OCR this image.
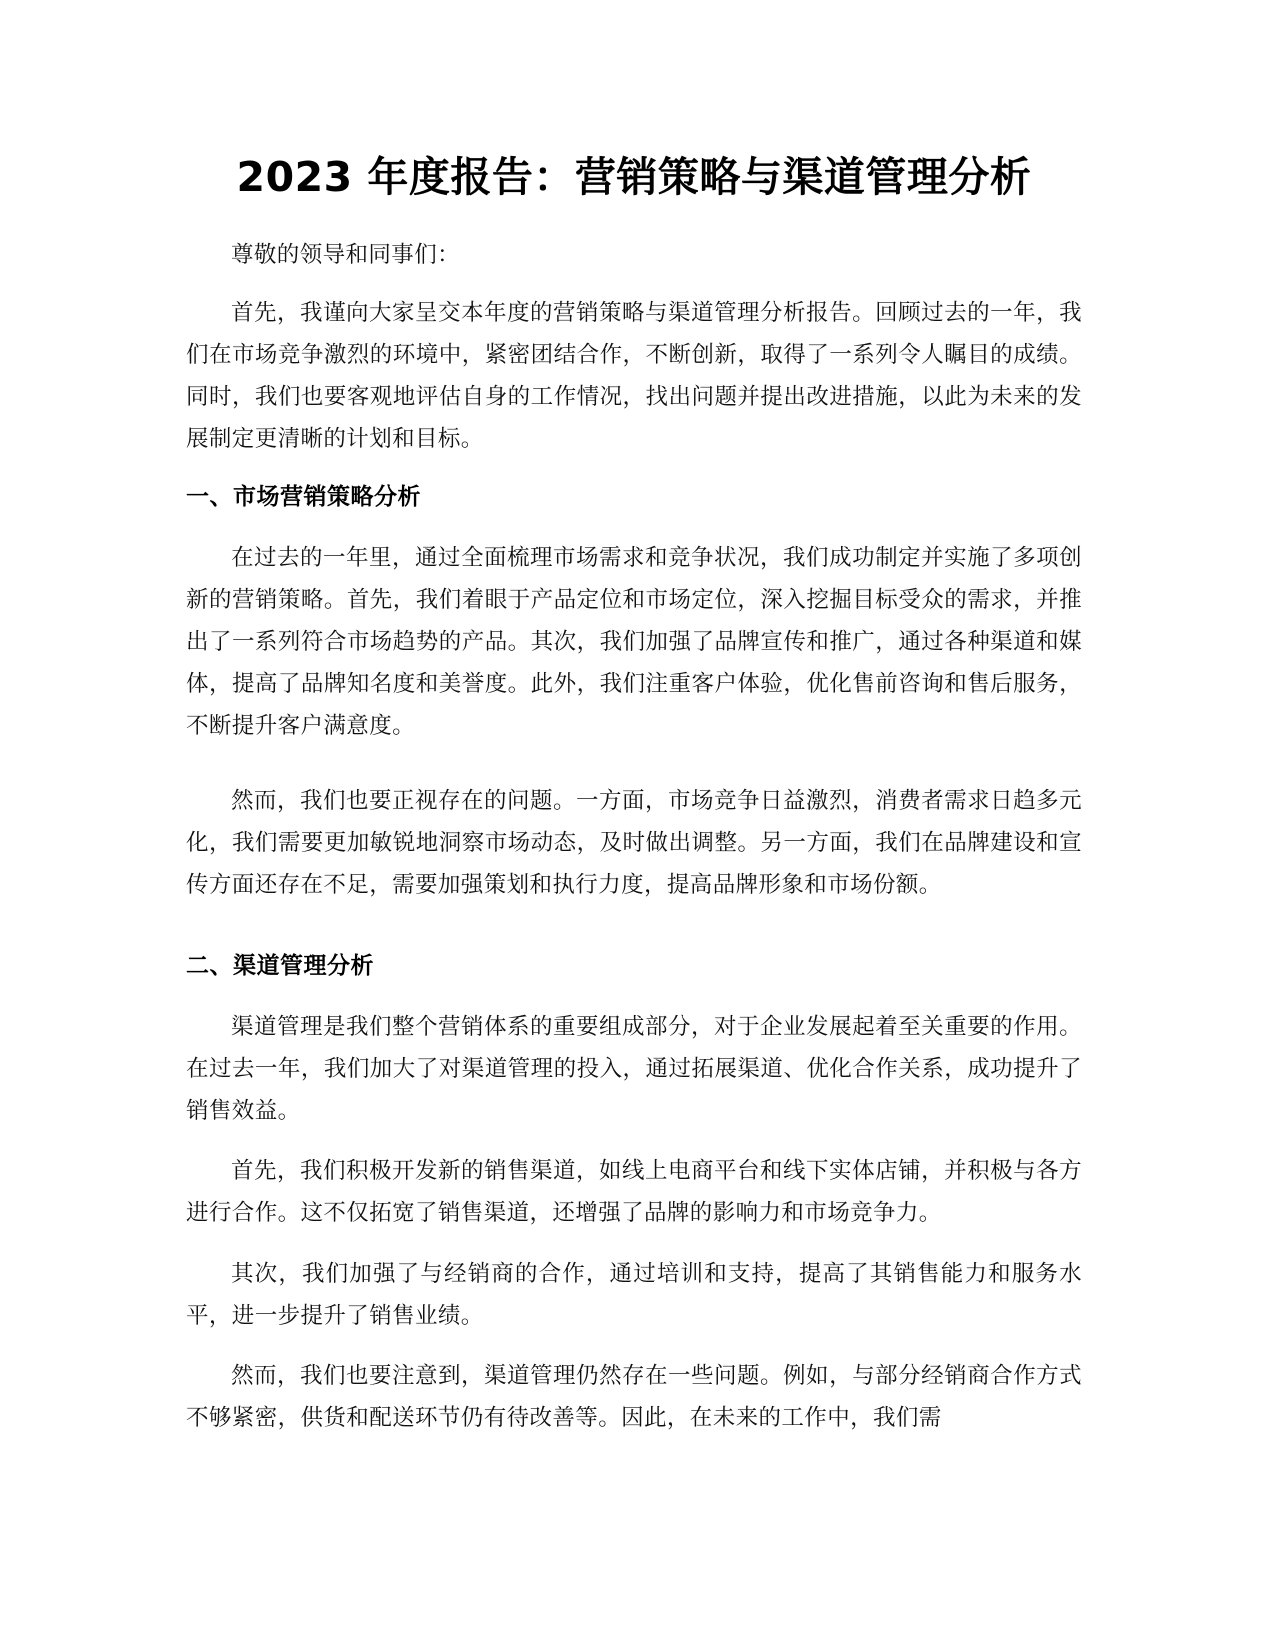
2023 年度报告：营销策略与渠道管理分析

尊敬的领导和同事们：

首先，我谨向大家呈交本年度的营销策略与渠道管理分析报告。回顾过去的一年，我们在市场竞争激烈的环境中，紧密团结合作，不断创新，取得了一系列令人瞩目的成绩。同时，我们也要客观地评估自身的工作情况，找出问题并提出改进措施，以此为未来的发展制定更清晰的计划和目标。

一、市场营销策略分析

在过去的一年里，通过全面梳理市场需求和竞争状况，我们成功制定并实施了多项创新的营销策略。首先，我们着眼于产品定位和市场定位，深入挖掘目标受众的需求，并推出了一系列符合市场趋势的产品。其次，我们加强了品牌宣传和推广，通过各种渠道和媒体，提高了品牌知名度和美誉度。此外，我们注重客户体验，优化售前咨询和售后服务，不断提升客户满意度。

然而，我们也要正视存在的问题。一方面，市场竞争日益激烈，消费者需求日趋多元化，我们需要更加敏锐地洞察市场动态，及时做出调整。另一方面，我们在品牌建设和宣传方面还存在不足，需要加强策划和执行力度，提高品牌形象和市场份额。

二、渠道管理分析

渠道管理是我们整个营销体系的重要组成部分，对于企业发展起着至关重要的作用。在过去一年，我们加大了对渠道管理的投入，通过拓展渠道、优化合作关系，成功提升了销售效益。

首先，我们积极开发新的销售渠道，如线上电商平台和线下实体店铺，并积极与各方进行合作。这不仅拓宽了销售渠道，还增强了品牌的影响力和市场竞争力。

其次，我们加强了与经销商的合作，通过培训和支持，提高了其销售能力和服务水平，进一步提升了销售业绩。

然而，我们也要注意到，渠道管理仍然存在一些问题。例如，与部分经销商合作方式不够紧密，供货和配送环节仍有待改善等。因此，在未来的工作中，我们需
